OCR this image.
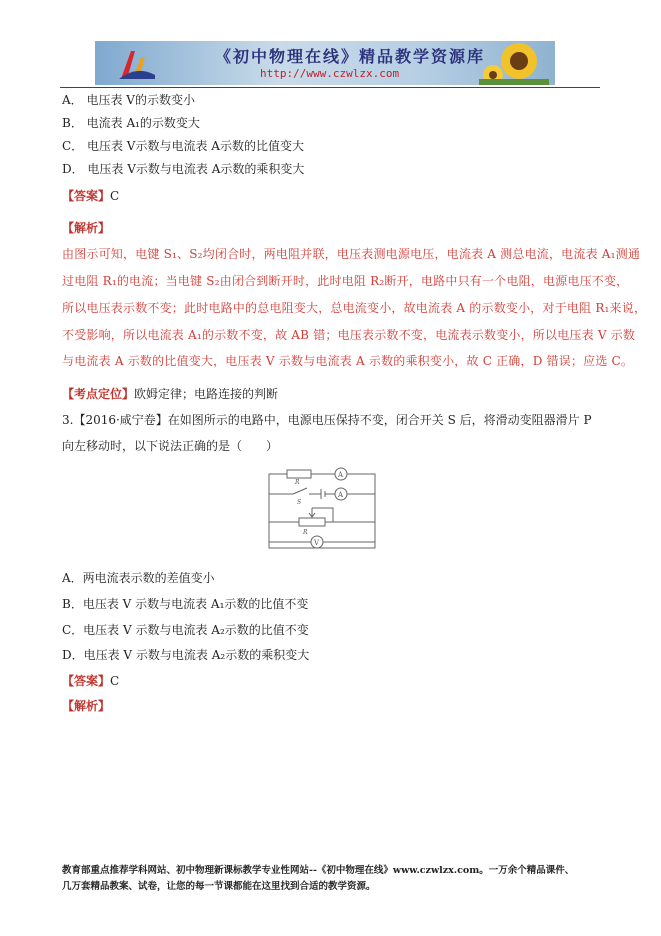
《初中物理在线》精品教学资源库
http://www.czwlzx.com
A． 电压表 V的示数变小
B． 电流表 A₁的示数变大
C． 电压表 V示数与电流表 A示数的比值变大
D． 电压表 V示数与电流表 A示数的乘积变大
【答案】C
【解析】
由图示可知，电键 S₁、S₂均闭合时，两电阻并联，电压表测电源电压，电流表 A 测总电流，电流表 A₁测通
过电阻 R₁的电流；当电键 S₂由闭合到断开时，此时电阻 R₂断开，电路中只有一个电阻，电源电压不变，
所以电压表示数不变；此时电路中的总电阻变大，总电流变小，故电流表 A 的示数变小，对于电阻 R₁来说，
不受影响，所以电流表 A₁的示数不变，故 AB 错；电压表示数不变，电流表示数变小，所以电压表 V 示数
与电流表 A 示数的比值变大，电压表 V 示数与电流表 A 示数的乘积变小，故 C 正确，D 错误；应选 C。
【考点定位】欧姆定律；电路连接的判断
3.【2016·咸宁卷】在如图所示的电路中，电源电压保持不变，闭合开关 S 后，将滑动变阻器滑片 P
向左移动时，以下说法正确的是（　　）
R
A
S
A
R
V
A．两电流表示数的差值变小
B．电压表 V 示数与电流表 A₁示数的比值不变
C．电压表 V 示数与电流表 A₂示数的比值不变
D．电压表 V 示数与电流表 A₂示数的乘积变大
【答案】C
【解析】
教育部重点推荐学科网站、初中物理新课标教学专业性网站--《初中物理在线》www.czwlzx.com。一万余个精品课件、
几万套精品教案、试卷，让您的每一节课都能在这里找到合适的教学资源。
